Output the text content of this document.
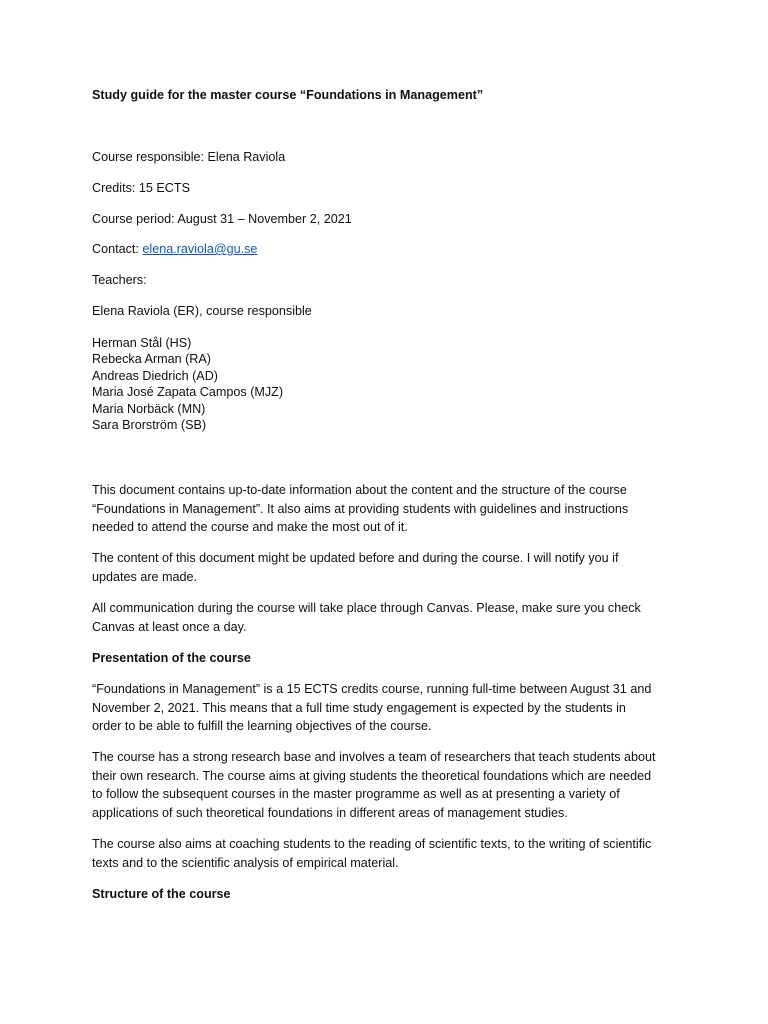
Study guide for the master course “Foundations in Management”

Course responsible: Elena Raviola

Credits: 15 ECTS

Course period: August 31 – November 2, 2021

Contact: elena.raviola@gu.se

Teachers:

Elena Raviola (ER), course responsible

Herman Stål (HS)
Rebecka Arman (RA)
Andreas Diedrich (AD)
Maria José Zapata Campos (MJZ)
Maria Norbäck (MN)
Sara Brorström (SB)
This document contains up-to-date information about the content and the structure of the course
“Foundations in Management”. It also aims at providing students with guidelines and instructions
needed to attend the course and make the most out of it.
The content of this document might be updated before and during the course. I will notify you if
updates are made.
All communication during the course will take place through Canvas. Please, make sure you check
Canvas at least once a day.

Presentation of the course

“Foundations in Management” is a 15 ECTS credits course, running full-time between August 31 and
November 2, 2021. This means that a full time study engagement is expected by the students in
order to be able to fulfill the learning objectives of the course.
The course has a strong research base and involves a team of researchers that teach students about
their own research. The course aims at giving students the theoretical foundations which are needed
to follow the subsequent courses in the master programme as well as at presenting a variety of
applications of such theoretical foundations in different areas of management studies.
The course also aims at coaching students to the reading of scientific texts, to the writing of scientific
texts and to the scientific analysis of empirical material.

Structure of the course
